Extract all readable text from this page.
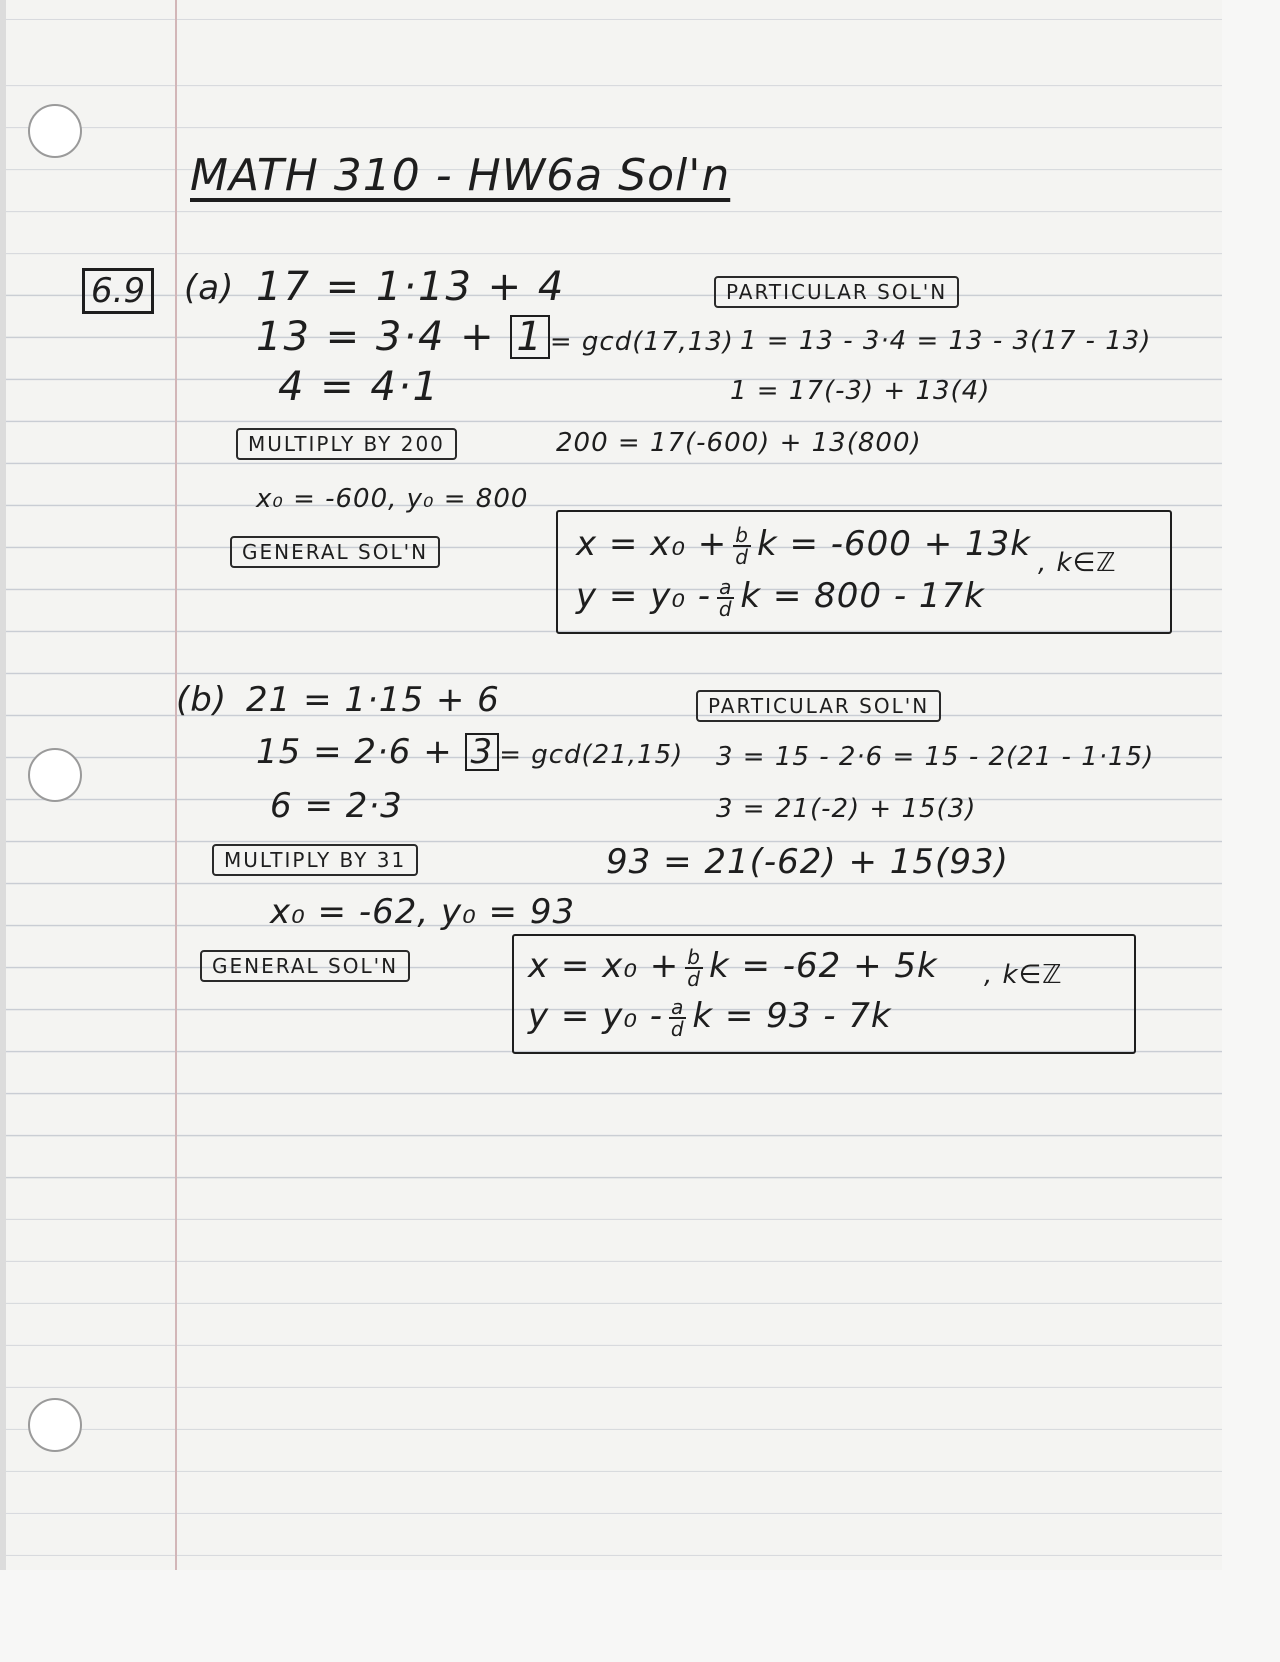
MATH 310 - HW6a Sol'n
6.9 (a) 17 = 1·13 + 4
13 = 3·4 + 1 = gcd(17,13)
4 = 4·1
PARTICULAR SOL'N
1 = 13 - 3·4 = 13 - 3(17 - 13)
1 = 17(-3) + 13(4)
MULTIPLY BY 200	200 = 17(-600) + 13(800)
x₀ = -600, y₀ = 800
GENERAL SOL'N	$x = x_0 + \frac{b}{d}$ k = -600 + 13k
$y = y_0 - \frac{a}{d}$ k = 800 - 17k
, k∈ℤ
(b) 21 = 1·15 + 6
15 = 2·6 + 3 = gcd(21,15)
6 = 2·3
PARTICULAR SOL'N
3 = 15 - 2·6 = 15 - 2(21 - 1·15)
3 = 21(-2) + 15(3)
MULTIPLY BY 31	93 = 21(-62) + 15(93)
x₀ = -62, y₀ = 93
GENERAL SOL'N	$x = x_0 + \frac{b}{d}$ k = -62 + 5k
$y = y_0 - \frac{a}{d}$ k = 93 - 7k
, k∈ℤ
